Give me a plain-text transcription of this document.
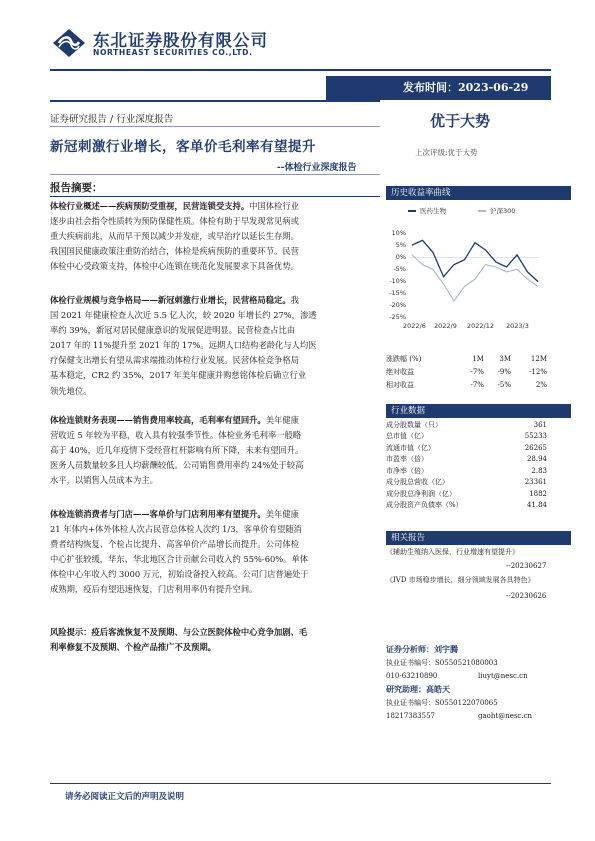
东北证券股份有限公司
NORTHEAST SECURITIES CO.,LTD.
发布时间：2023-06-29
证券研究报告 / 行业深度报告
新冠刺激行业增长，客单价毛利率有望提升
--体检行业深度报告
优于大势
上次评级:优于大势
报告摘要：
体检行业概述——疾病预防受重视，民营连锁受支持。中国体检行业
逐步由社会指令性质转为预防保健性质。体检有助于早发现常见病或
重大疾病前兆，从而早干预以减少并发症，或早治疗以延长生存期。
我国国民健康政策注重防治结合，体检是疾病预防的重要环节。民营
体检中心受政策支持，体检中心连锁在规范化发展要求下具备优势。
体检行业规模与竞争格局——新冠刺激行业增长，民营格局稳定。我
国 2021 年健康检查人次近 5.5 亿人次，较 2020 年增长约 27%，渗透
率约 39%，新冠对居民健康意识的发展促进明显。民营检查占比由
2017 年的 11%提升至 2021 年的 17%。远期人口结构老龄化与人均医
疗保健支出增长有望从需求端推动体检行业发展。民营体检竞争格局
基本稳定，CR2 约 35%，2017 年美年健康并购慈铭体检后确立行业
领先地位。
体检连锁财务表现——销售费用率较高，毛利率有望回升。美年健康
营收近 5 年较为平稳，收入具有较强季节性。体检业务毛利率一般略
高于 40%，近几年疫情下受经营杠杆影响有所下降，未来有望回升。
医务人员数量较多且人均薪酬较低。公司销售费用率约 24%处于较高
水平，以销售人员成本为主。
体检连锁消费者与门店——客单价与门店利用率有望提升。美年健康
21 年体内+体外体检人次占民营总体检人次约 1/3，客单价有望随消
费者结构恢复、个检占比提升、高客单价产品增长而提升。公司体检
中心扩张较缓，华东、华北地区合计贡献公司收入约 55%-60%。单体
体检中心年收入约 3000 万元，初始设备投入较高。公司门店普遍处于
成熟期，疫后有望迅速恢复，门店利用率仍有提升空间。
风险提示：疫后客流恢复不及预期、与公立医院体检中心竞争加剧、毛
利率修复不及预期、个检产品推广不及预期。
历史收益率曲线
医药生物	沪深300
10%
5%
0%
-5%
-10%
-15%
-20%
-25%
2022/6 2022/9 2022/12 2023/3
涨跌幅 (%)	1M	3M	12M
绝对收益	-7%	-9%	-12%
相对收益	-7%	-5%	2%
行业数据
成分股数量（只）	361
总市值（亿）	55233
流通市值（亿）	26265
市盈率（倍）	28.94
市净率（倍）	2.83
成分股总营收（亿）	23361
成分股总净利润（亿）	1882
成分股资产负债率（%）	41.84
相关报告
《辅助生殖纳入医保，行业增速有望提升》
--20230627
《IVD 市场稳步增长，细分领域发展各具特色》
--20230626
证券分析师：刘宇腾
执业证书编号：S0550521080003
010-63210890	liuyt@nesc.cn
研究助理：高皓天
执业证书编号：S0550122070065
18217383557	gaoht@nesc.cn
请务必阅读正文后的声明及说明
